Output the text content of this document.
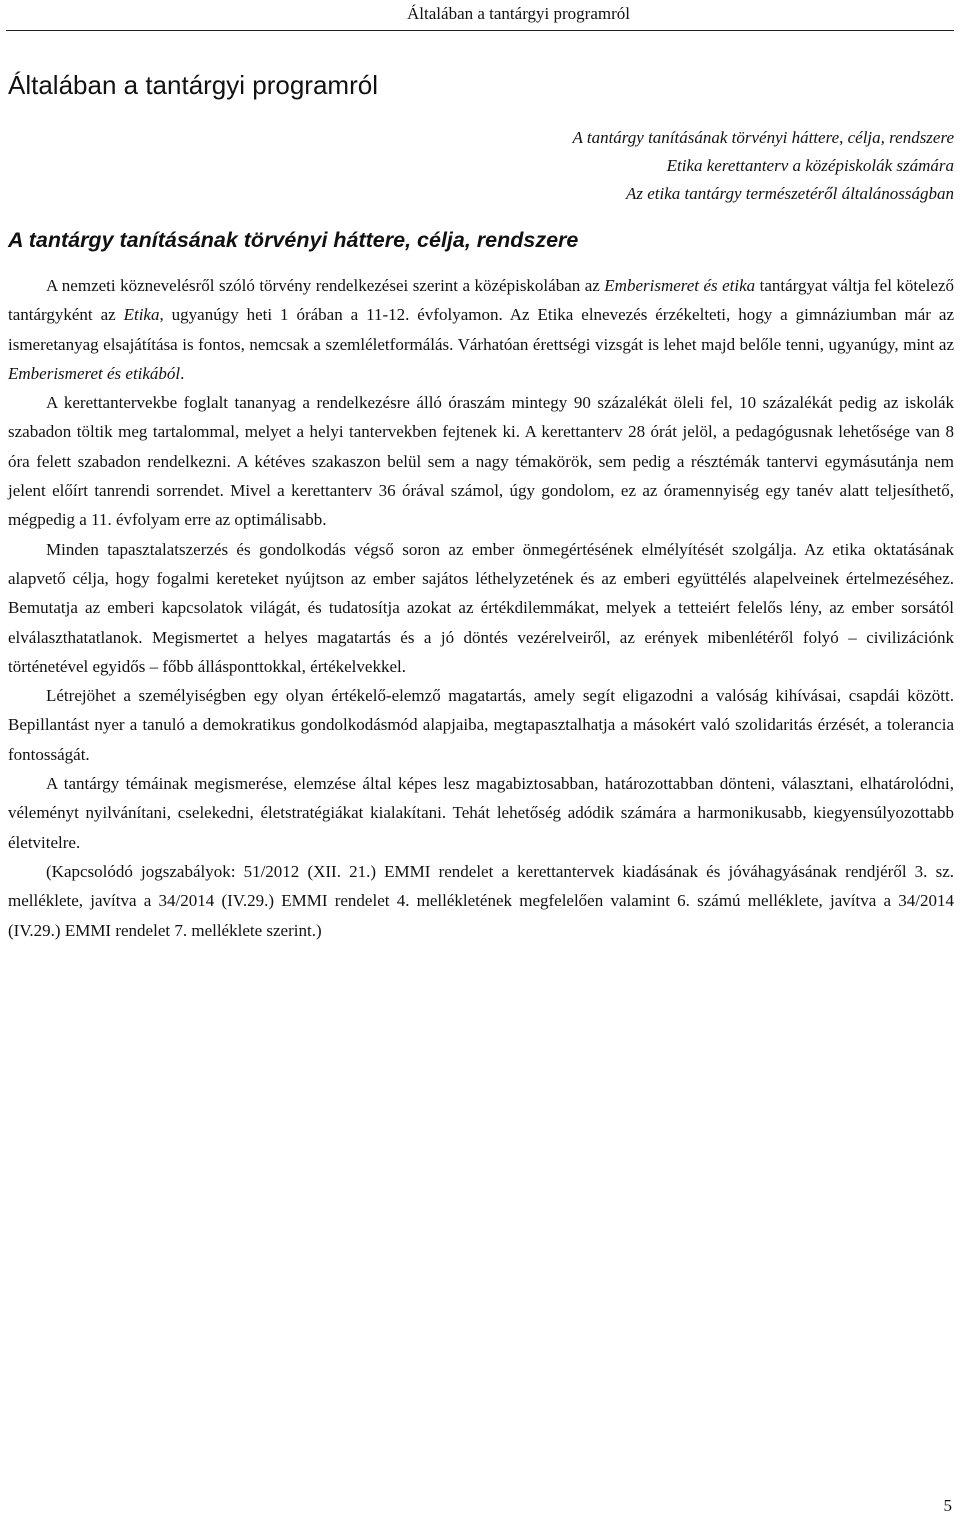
Általában a tantárgyi programról
Általában a tantárgyi programról
A tantárgy tanításának törvényi háttere, célja, rendszere
Etika kerettanterv a középiskolák számára
Az etika tantárgy természetéről általánosságban
A tantárgy tanításának törvényi háttere, célja, rendszere

A nemzeti köznevelésről szóló törvény rendelkezései szerint a középiskolában az Emberismeret és etika tantárgyat váltja fel kötelező tantárgyként az Etika, ugyanúgy heti 1 órában a 11-12. évfolyamon. Az Etika elnevezés érzékelteti, hogy a gimnáziumban már az ismeretanyag elsajátítása is fontos, nemcsak a szemléletformálás. Várhatóan érettségi vizsgát is lehet majd belőle tenni, ugyanúgy, mint az Emberismeret és etikából.

A kerettantervekbe foglalt tananyag a rendelkezésre álló óraszám mintegy 90 százalékát öleli fel, 10 százalékát pedig az iskolák szabadon töltik meg tartalommal, melyet a helyi tantervekben fejtenek ki. A kerettanterv 28 órát jelöl, a pedagógusnak lehetősége van 8 óra felett szabadon rendelkezni. A kétéves szakaszon belül sem a nagy témakörök, sem pedig a résztémák tantervi egymásutánja nem jelent előírt tanrendi sorrendet. Mivel a kerettanterv 36 órával számol, úgy gondolom, ez az óramennyiség egy tanév alatt teljesíthető, mégpedig a 11. évfolyam erre az optimálisabb.

Minden tapasztalatszerzés és gondolkodás végső soron az ember önmegértésének elmélyítését szolgálja. Az etika oktatásának alapvető célja, hogy fogalmi kereteket nyújtson az ember sajátos léthelyzetének és az emberi együttélés alapelveinek értelmezéséhez. Bemutatja az emberi kapcsolatok világát, és tudatosítja azokat az értékdilemmákat, melyek a tetteiért felelős lény, az ember sorsától elválaszthatatlanok. Megismertet a helyes magatartás és a jó döntés vezérelveiről, az erények mibenlétéről folyó – civilizációnk történetével egyidős – főbb állásponttokkal, értékelvekkel.

Létrejöhet a személyiségben egy olyan értékelő-elemző magatartás, amely segít eligazodni a valóság kihívásai, csapdái között. Bepillantást nyer a tanuló a demokratikus gondolkodásmód alapjaiba, megtapasztalhatja a másokért való szolidaritás érzését, a tolerancia fontosságát.

A tantárgy témáinak megismerése, elemzése által képes lesz magabiztosabban, határozottabban dönteni, választani, elhatárolódni, véleményt nyilvánítani, cselekedni, életstratégiákat kialakítani. Tehát lehetőség adódik számára a harmonikusabb, kiegyensúlyozottabb életvitelre.

(Kapcsolódó jogszabályok: 51/2012 (XII. 21.) EMMI rendelet a kerettantervek kiadásának és jóváhagyásának rendjéről 3. sz. melléklete, javítva a 34/2014 (IV.29.) EMMI rendelet 4. mellékletének megfelelően valamint 6. számú melléklete, javítva a 34/2014 (IV.29.) EMMI rendelet 7. melléklete szerint.)

5
